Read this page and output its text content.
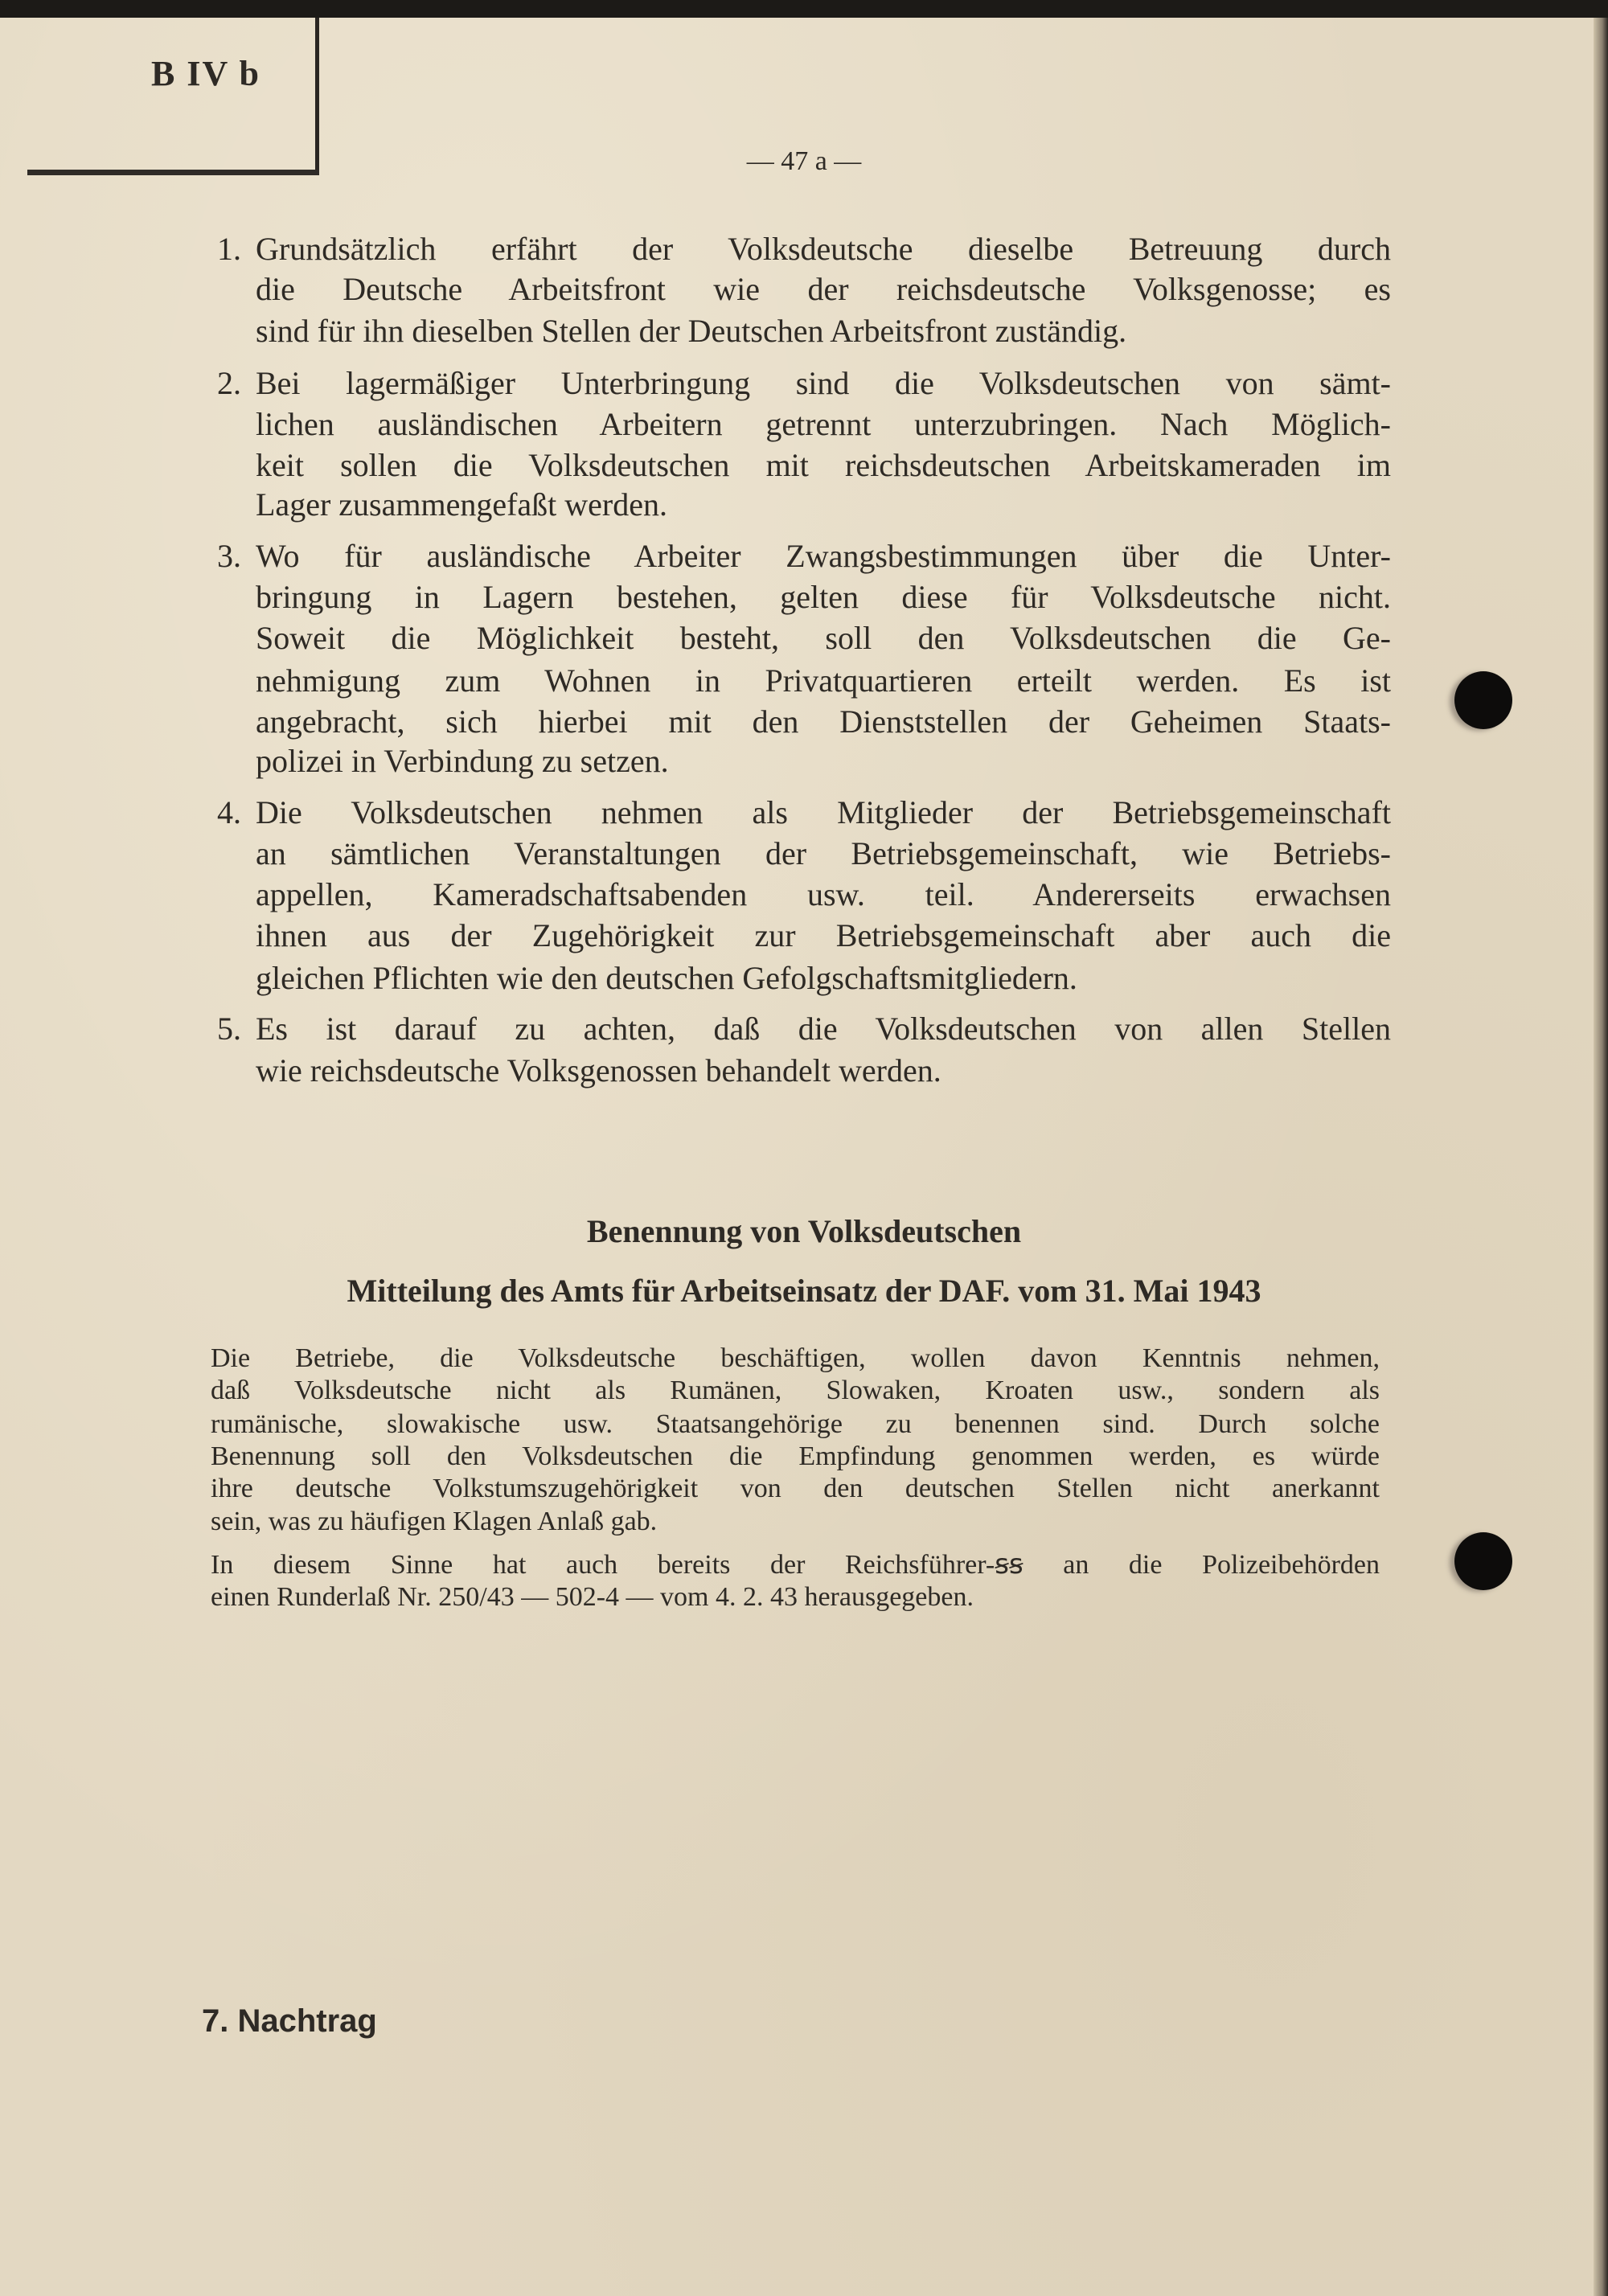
B IV b
— 47 a —
1. Grundsätzlich erfährt der Volksdeutsche dieselbe Betreuung durch
die Deutsche Arbeitsfront wie der reichsdeutsche Volksgenosse; es
sind für ihn dieselben Stellen der Deutschen Arbeitsfront zuständig.
2. Bei lagermäßiger Unterbringung sind die Volksdeutschen von sämt-
lichen ausländischen Arbeitern getrennt unterzubringen. Nach Möglich-
keit sollen die Volksdeutschen mit reichsdeutschen Arbeitskameraden im
Lager zusammengefaßt werden.
3. Wo für ausländische Arbeiter Zwangsbestimmungen über die Unter-
bringung in Lagern bestehen, gelten diese für Volksdeutsche nicht.
Soweit die Möglichkeit besteht, soll den Volksdeutschen die Ge-
nehmigung zum Wohnen in Privatquartieren erteilt werden. Es ist
angebracht, sich hierbei mit den Dienststellen der Geheimen Staats-
polizei in Verbindung zu setzen.
4. Die Volksdeutschen nehmen als Mitglieder der Betriebsgemeinschaft
an sämtlichen Veranstaltungen der Betriebsgemeinschaft, wie Betriebs-
appellen, Kameradschaftsabenden usw. teil. Andererseits erwachsen
ihnen aus der Zugehörigkeit zur Betriebsgemeinschaft aber auch die
gleichen Pflichten wie den deutschen Gefolgschaftsmitgliedern.
5. Es ist darauf zu achten, daß die Volksdeutschen von allen Stellen
wie reichsdeutsche Volksgenossen behandelt werden.
Benennung von Volksdeutschen
Mitteilung des Amts für Arbeitseinsatz der DAF. vom 31. Mai 1943
Die Betriebe, die Volksdeutsche beschäftigen, wollen davon Kenntnis nehmen,
daß Volksdeutsche nicht als Rumänen, Slowaken, Kroaten usw., sondern als
rumänische, slowakische usw. Staatsangehörige zu benennen sind. Durch solche
Benennung soll den Volksdeutschen die Empfindung genommen werden, es würde
ihre deutsche Volkstumszugehörigkeit von den deutschen Stellen nicht anerkannt
sein, was zu häufigen Klagen Anlaß gab.
In diesem Sinne hat auch bereits der Reichsführer-ꞩꞩ an die Polizeibehörden
einen Runderlaß Nr. 250/43 — 502-4 — vom 4. 2. 43 herausgegeben.
7. Nachtrag
